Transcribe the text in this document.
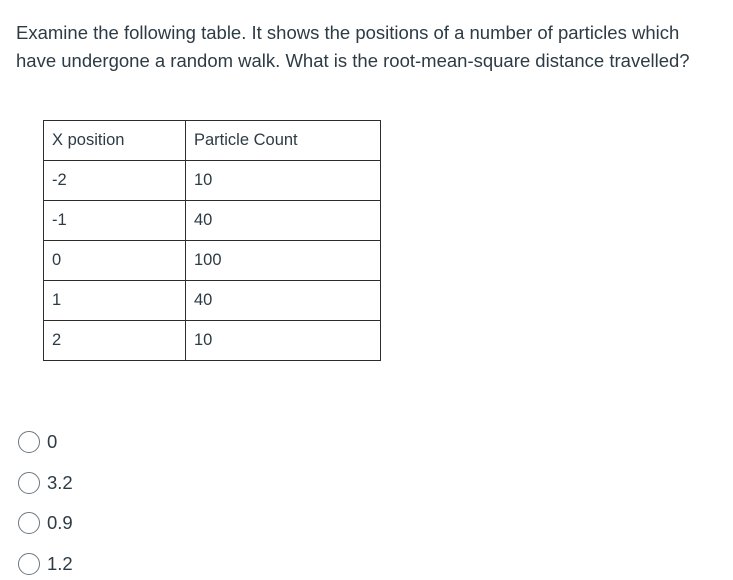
Examine the following table. It shows the positions of a number of particles which have undergone a random walk. What is the root-mean-square distance travelled?

X position	Particle Count
-2	10
-1	40
0	100
1	40
2	10
0
3.2
0.9
1.2
